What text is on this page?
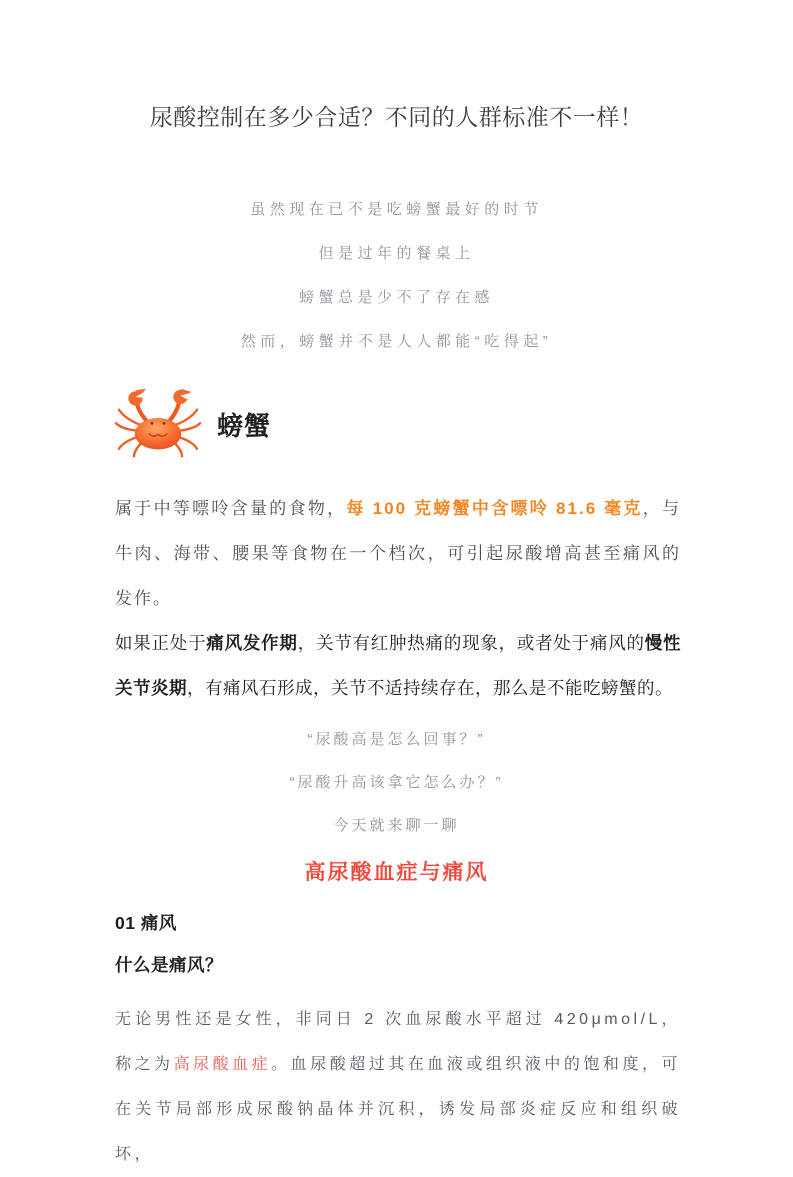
尿酸控制在多少合适？不同的人群标准不一样！

虽然现在已不是吃螃蟹最好的时节

但是过年的餐桌上

螃蟹总是少不了存在感

然而，螃蟹并不是人人都能“吃得起”

螃蟹

属于中等嘌呤含量的食物，每 100 克螃蟹中含嘌呤 81.6 毫克，与牛肉、海带、腰果等食物在一个档次，可引起尿酸增高甚至痛风的发作。

如果正处于痛风发作期，关节有红肿热痛的现象，或者处于痛风的慢性关节炎期，有痛风石形成，关节不适持续存在，那么是不能吃螃蟹的。

“尿酸高是怎么回事？”

“尿酸升高该拿它怎么办？”

今天就来聊一聊

高尿酸血症与痛风
01 痛风
什么是痛风？

无论男性还是女性，非同日 2 次血尿酸水平超过 420μmol/L，称之为高尿酸血症。血尿酸超过其在血液或组织液中的饱和度，可在关节局部形成尿酸钠晶体并沉积，诱发局部炎症反应和组织破坏，
